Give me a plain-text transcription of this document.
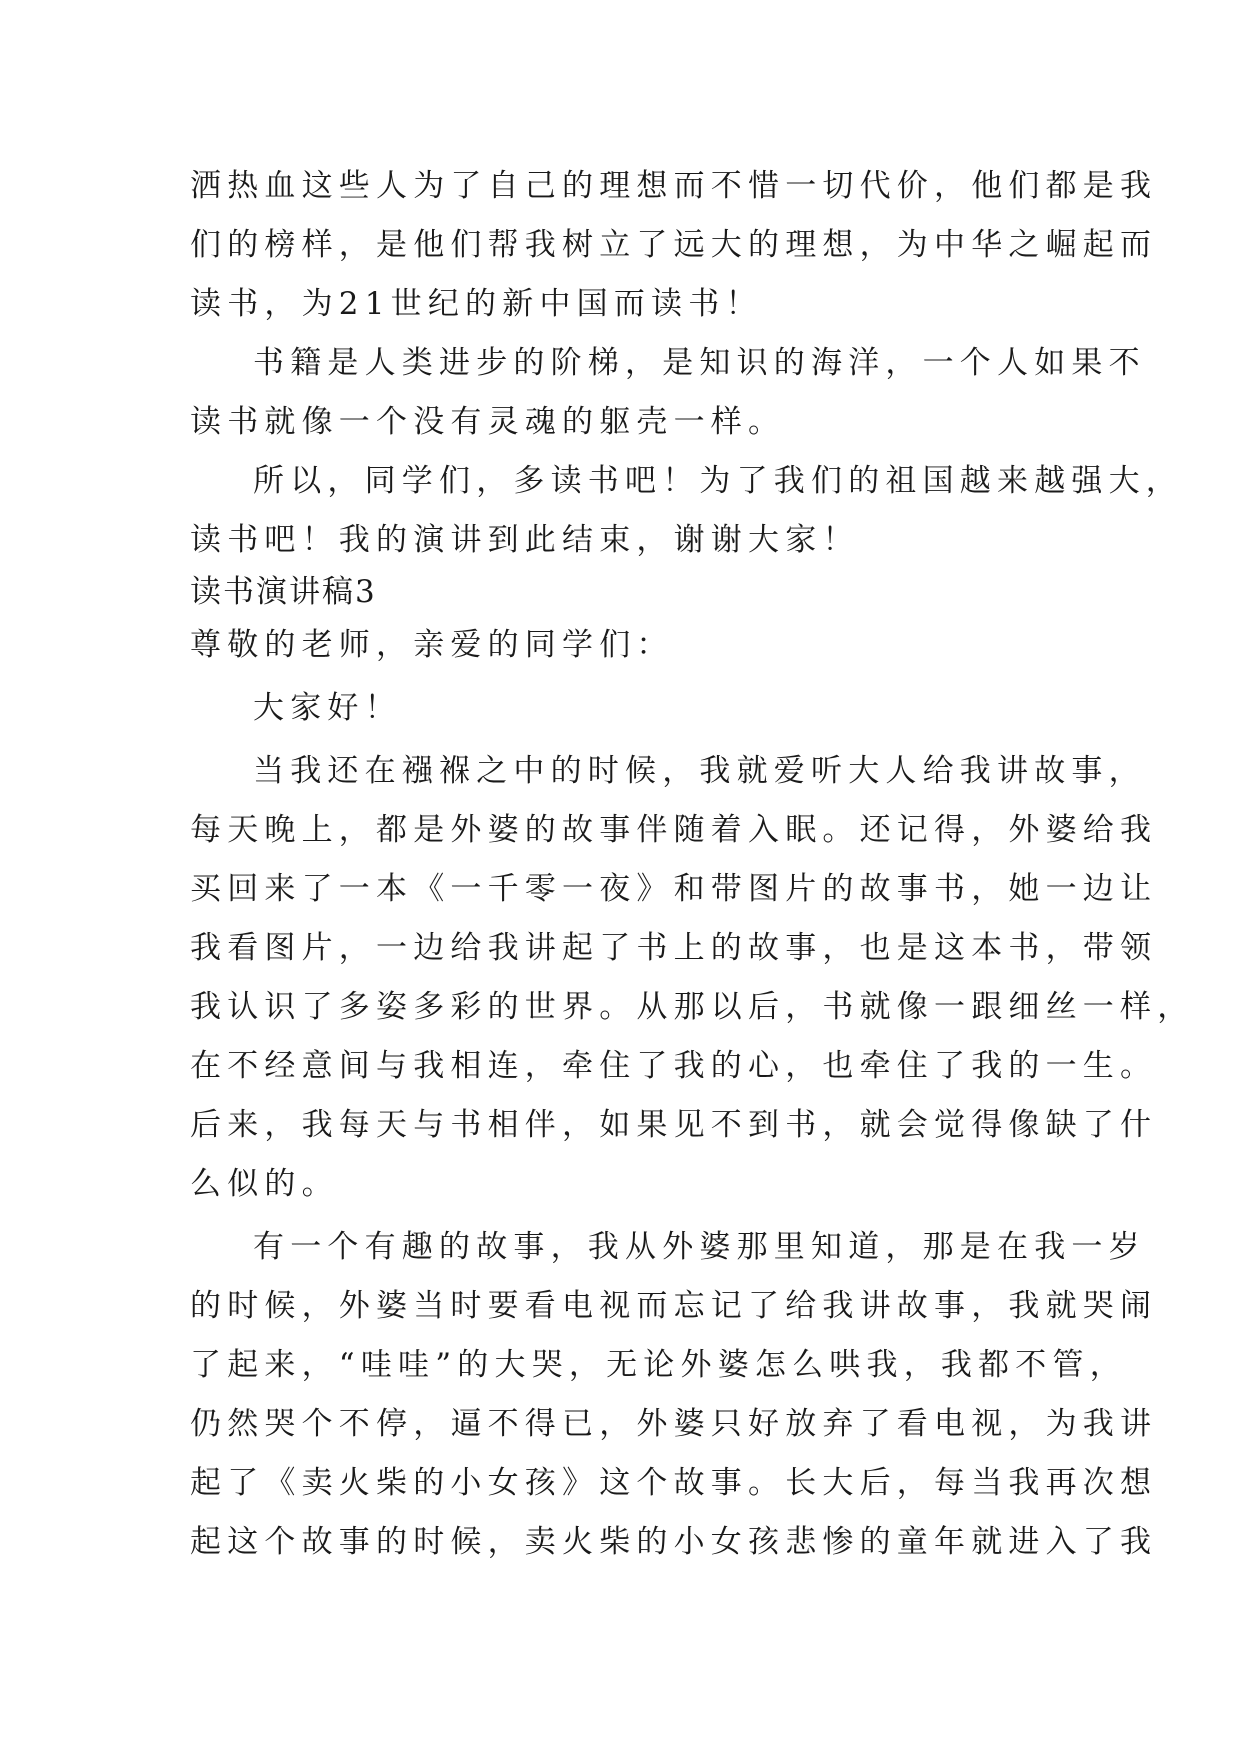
洒热血这些人为了自己的理想而不惜一切代价，他们都是我
们的榜样，是他们帮我树立了远大的理想，为中华之崛起而
读书，为21世纪的新中国而读书！
书籍是人类进步的阶梯，是知识的海洋，一个人如果不
读书就像一个没有灵魂的躯壳一样。
所以，同学们，多读书吧！为了我们的祖国越来越强大，
读书吧！我的演讲到此结束，谢谢大家！
读书演讲稿3
尊敬的老师，亲爱的同学们：
大家好！
当我还在襁褓之中的时候，我就爱听大人给我讲故事，
每天晚上，都是外婆的故事伴随着入眠。还记得，外婆给我
买回来了一本《一千零一夜》和带图片的故事书，她一边让
我看图片，一边给我讲起了书上的故事，也是这本书，带领
我认识了多姿多彩的世界。从那以后，书就像一跟细丝一样，
在不经意间与我相连，牵住了我的心，也牵住了我的一生。
后来，我每天与书相伴，如果见不到书，就会觉得像缺了什
么似的。
有一个有趣的故事，我从外婆那里知道，那是在我一岁
的时候，外婆当时要看电视而忘记了给我讲故事，我就哭闹
了起来，“哇哇”的大哭，无论外婆怎么哄我，我都不管，
仍然哭个不停，逼不得已，外婆只好放弃了看电视，为我讲
起了《卖火柴的小女孩》这个故事。长大后，每当我再次想
起这个故事的时候，卖火柴的小女孩悲惨的童年就进入了我
